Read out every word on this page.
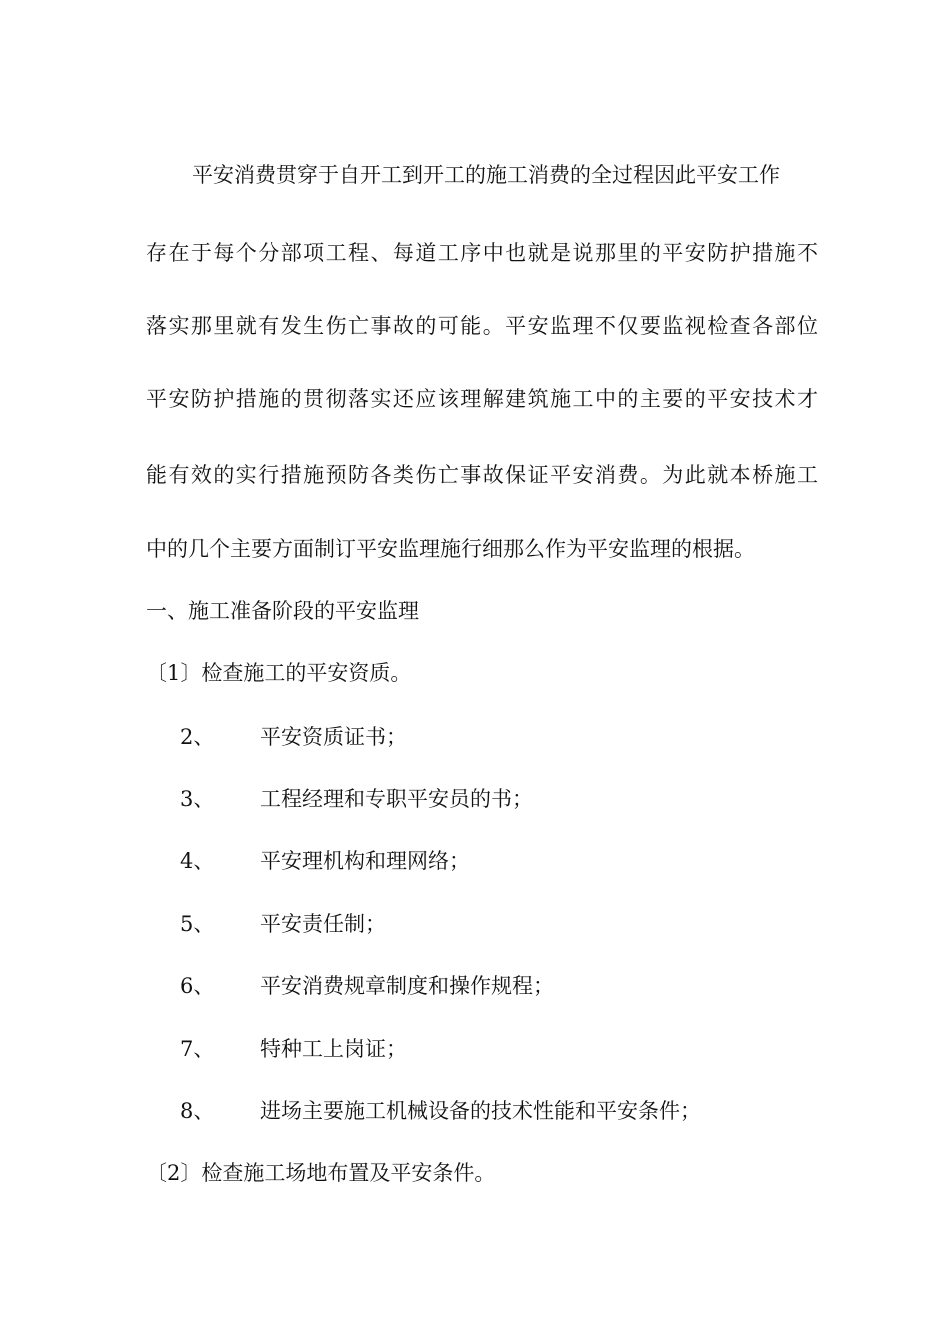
平安消费贯穿于自开工到开工的施工消费的全过程因此平安工作
存在于每个分部项工程、每道工序中也就是说那里的平安防护措施不
落实那里就有发生伤亡事故的可能。平安监理不仅要监视检查各部位
平安防护措施的贯彻落实还应该理解建筑施工中的主要的平安技术才
能有效的实行措施预防各类伤亡事故保证平安消费。为此就本桥施工
中的几个主要方面制订平安监理施行细那么作为平安监理的根据。
一、施工准备阶段的平安监理
〔1〕检查施工的平安资质。
2、 平安资质证书；
3、 工程经理和专职平安员的书；
4、 平安理机构和理网络；
5、 平安责任制；
6、 平安消费规章制度和操作规程；
7、 特种工上岗证；
8、 进场主要施工机械设备的技术性能和平安条件；
〔2〕检查施工场地布置及平安条件。
